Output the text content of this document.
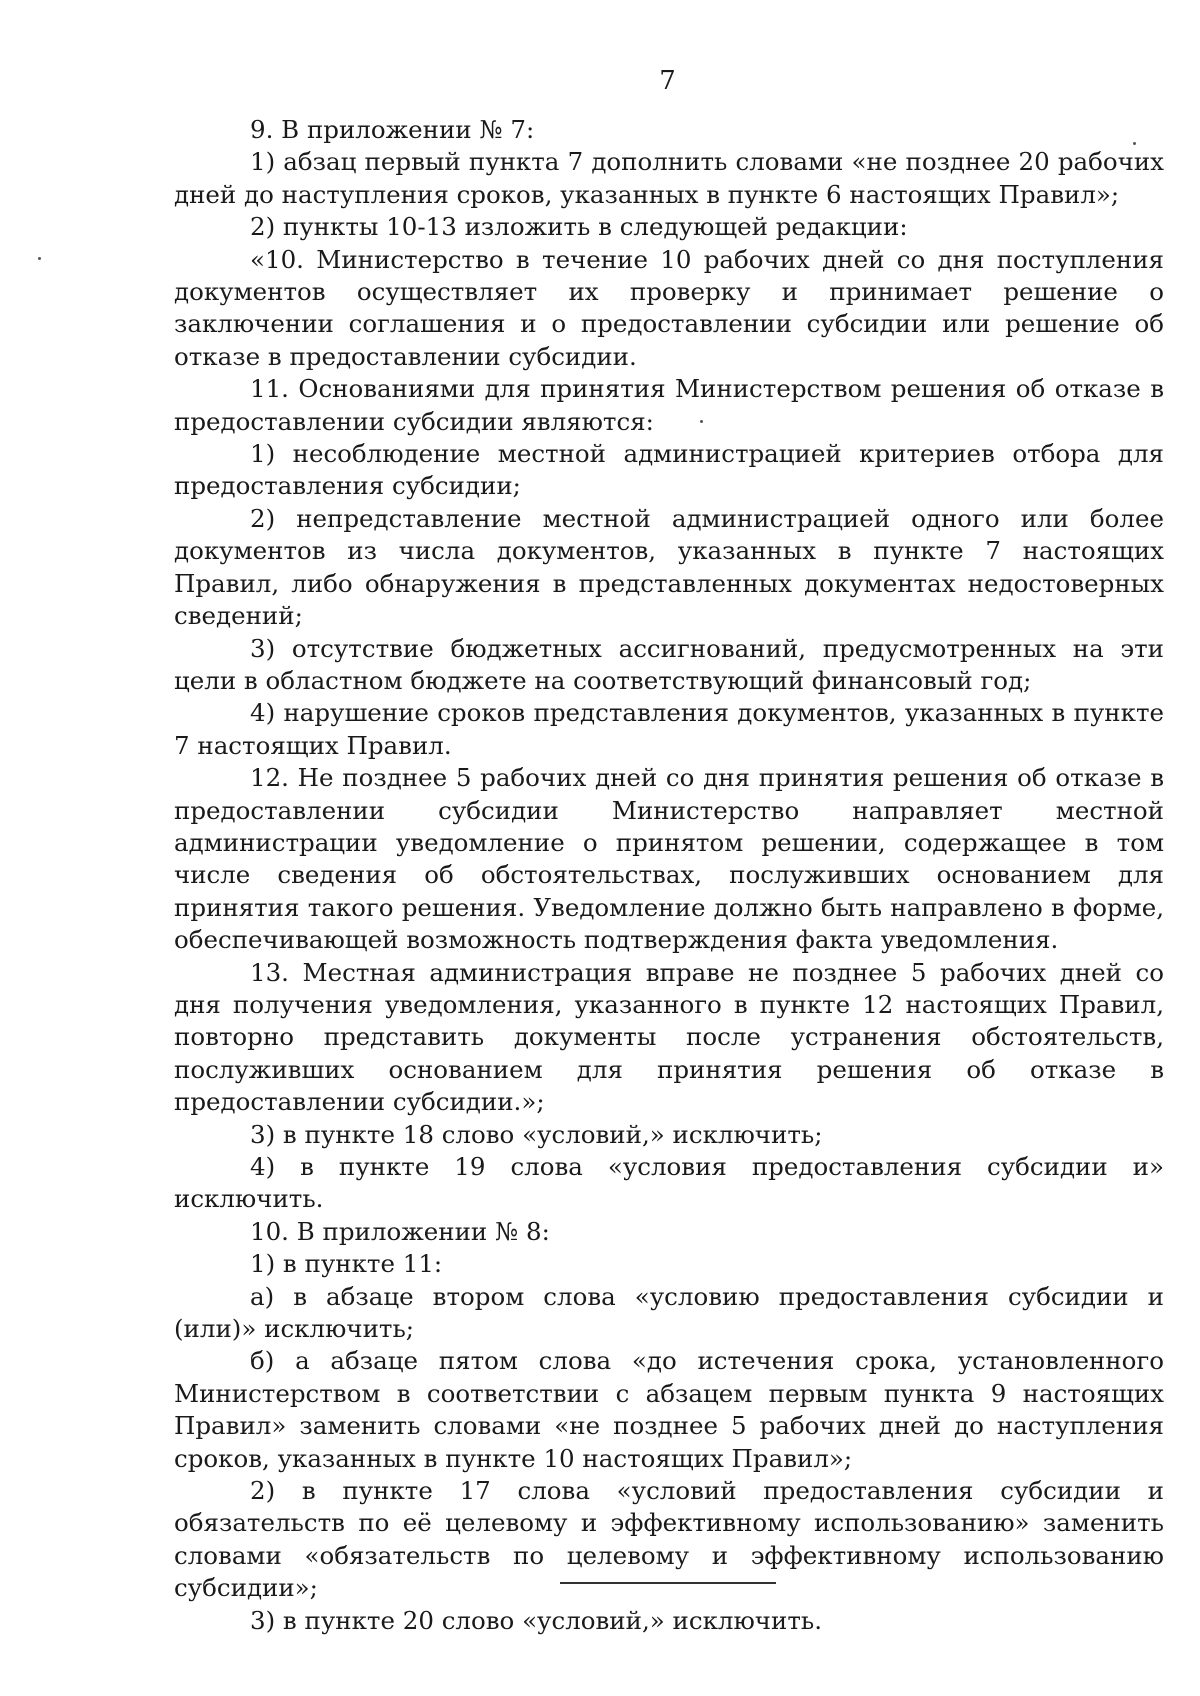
7

9. В приложении № 7:

1) абзац первый пункта 7 дополнить словами «не позднее 20 рабочих дней до наступления сроков, указанных в пункте 6 настоящих Правил»;

2) пункты 10-13 изложить в следующей редакции:

«10. Министерство в течение 10 рабочих дней со дня поступления документов осуществляет их проверку и принимает решение о заключении соглашения и о предоставлении субсидии или решение об отказе в предоставлении субсидии.

11. Основаниями для принятия Министерством решения об отказе в предоставлении субсидии являются:

1) несоблюдение местной администрацией критериев отбора для предоставления субсидии;

2) непредставление местной администрацией одного или более документов из числа документов, указанных в пункте 7 настоящих Правил, либо обнаружения в представленных документах недостоверных сведений;

3) отсутствие бюджетных ассигнований, предусмотренных на эти цели в областном бюджете на соответствующий финансовый год;

4) нарушение сроков представления документов, указанных в пункте 7 настоящих Правил.

12. Не позднее 5 рабочих дней со дня принятия решения об отказе в предоставлении субсидии Министерство направляет местной администрации уведомление о принятом решении, содержащее в том числе сведения об обстоятельствах, послуживших основанием для принятия такого решения. Уведомление должно быть направлено в форме, обеспечивающей возможность подтверждения факта уведомления.

13. Местная администрация вправе не позднее 5 рабочих дней со дня получения уведомления, указанного в пункте 12 настоящих Правил, повторно представить документы после устранения обстоятельств, послуживших основанием для принятия решения об отказе в предоставлении субсидии.»;

3) в пункте 18 слово «условий,» исключить;

4) в пункте 19 слова «условия предоставления субсидии и» исключить.

10. В приложении № 8:

1) в пункте 11:

а) в абзаце втором слова «условию предоставления субсидии и (или)» исключить;

б) а абзаце пятом слова «до истечения срока, установленного Министерством в соответствии с абзацем первым пункта 9 настоящих Правил» заменить словами «не позднее 5 рабочих дней до наступления сроков, указанных в пункте 10 настоящих Правил»;

2) в пункте 17 слова «условий предоставления субсидии и обязательств по её целевому и эффективному использованию» заменить словами «обязательств по целевому и эффективному использованию субсидии»;

3) в пункте 20 слово «условий,» исключить.
